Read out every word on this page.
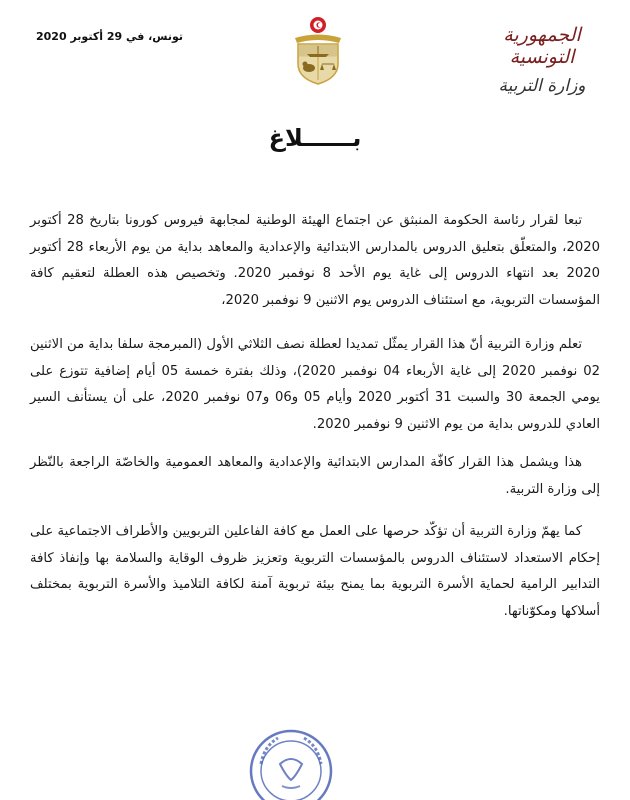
الجمهورية التونسية
وزارة التربية
تونس، في 29 أكتوبر 2020
بــــــلاغ

تبعا لقرار رئاسة الحكومة المنبثق عن اجتماع الهيئة الوطنية لمجابهة فيروس كورونا بتاريخ 28 أكتوبر 2020، والمتعلّق بتعليق الدروس بالمدارس الابتدائية والإعدادية والمعاهد بداية من يوم الأربعاء 28 أكتوبر 2020 بعد انتهاء الدروس إلى غاية يوم الأحد 8 نوفمبر 2020. وتخصيص هذه العطلة لتعقيم كافة المؤسسات التربوية، مع استئناف الدروس يوم الاثنين 9 نوفمبر 2020،

تعلم وزارة التربية أنّ هذا القرار يمثّل تمديدا لعطلة نصف الثلاثي الأول (المبرمجة سلفا بداية من الاثنين 02 نوفمبر 2020 إلى غاية الأربعاء 04 نوفمبر 2020)، وذلك بفترة خمسة 05 أيام إضافية تتوزع على يومي الجمعة 30 والسبت 31 أكتوبر 2020 وأيام 05 و06 و07 نوفمبر 2020، على أن يستأنف السير العادي للدروس بداية من يوم الاثنين 9 نوفمبر 2020.

هذا ويشمل هذا القرار كافّة المدارس الابتدائية والإعدادية والمعاهد العمومية والخاصّة الراجعة بالنّظر إلى وزارة التربية.

كما يهمّ وزارة التربية أن تؤكّد حرصها على العمل مع كافة الفاعلين التربويين والأطراف الاجتماعية على إحكام الاستعداد لاستئناف الدروس بالمؤسسات التربوية وتعزيز ظروف الوقاية والسلامة بها وإنفاذ كافة التدابير الرامية لحماية الأسرة التربوية بما يمنح بيئة تربوية آمنة لكافة التلاميذ والأسرة التربوية بمختلف أسلاكها ومكوّناتها.
